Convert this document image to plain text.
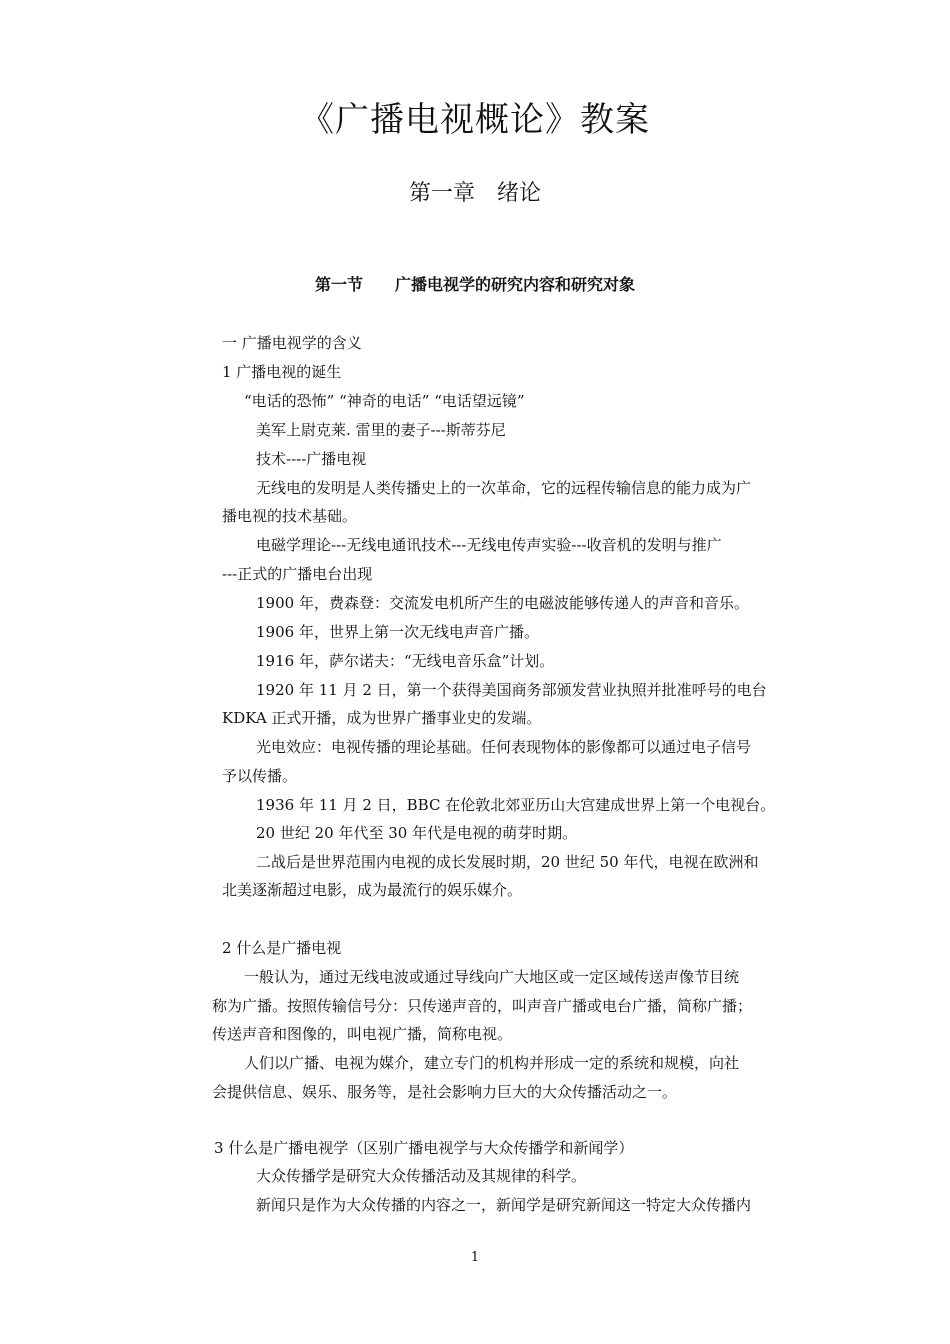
《广播电视概论》教案
第一章　绪论
第一节　　广播电视学的研究内容和研究对象
一 广播电视学的含义
1 广播电视的诞生
“电话的恐怖” “神奇的电话” “电话望远镜”
美军上尉克莱. 雷里的妻子---斯蒂芬尼
技术----广播电视
无线电的发明是人类传播史上的一次革命，它的远程传输信息的能力成为广
播电视的技术基础。
电磁学理论---无线电通讯技术---无线电传声实验---收音机的发明与推广
---正式的广播电台出现
1900 年，费森登：交流发电机所产生的电磁波能够传递人的声音和音乐。
1906 年，世界上第一次无线电声音广播。
1916 年，萨尔诺夫：“无线电音乐盒”计划。
1920 年 11 月 2 日，第一个获得美国商务部颁发营业执照并批准呼号的电台
KDKA 正式开播，成为世界广播事业史的发端。
光电效应：电视传播的理论基础。任何表现物体的影像都可以通过电子信号
予以传播。
1936 年 11 月 2 日，BBC 在伦敦北郊亚历山大宫建成世界上第一个电视台。
20 世纪 20 年代至 30 年代是电视的萌芽时期。
二战后是世界范围内电视的成长发展时期，20 世纪 50 年代，电视在欧洲和
北美逐渐超过电影，成为最流行的娱乐媒介。
2 什么是广播电视
一般认为，通过无线电波或通过导线向广大地区或一定区域传送声像节目统
称为广播。按照传输信号分：只传递声音的，叫声音广播或电台广播，简称广播；
传送声音和图像的，叫电视广播，简称电视。
人们以广播、电视为媒介，建立专门的机构并形成一定的系统和规模，向社
会提供信息、娱乐、服务等，是社会影响力巨大的大众传播活动之一。
3 什么是广播电视学（区别广播电视学与大众传播学和新闻学）
大众传播学是研究大众传播活动及其规律的科学。
新闻只是作为大众传播的内容之一，新闻学是研究新闻这一特定大众传播内
1
